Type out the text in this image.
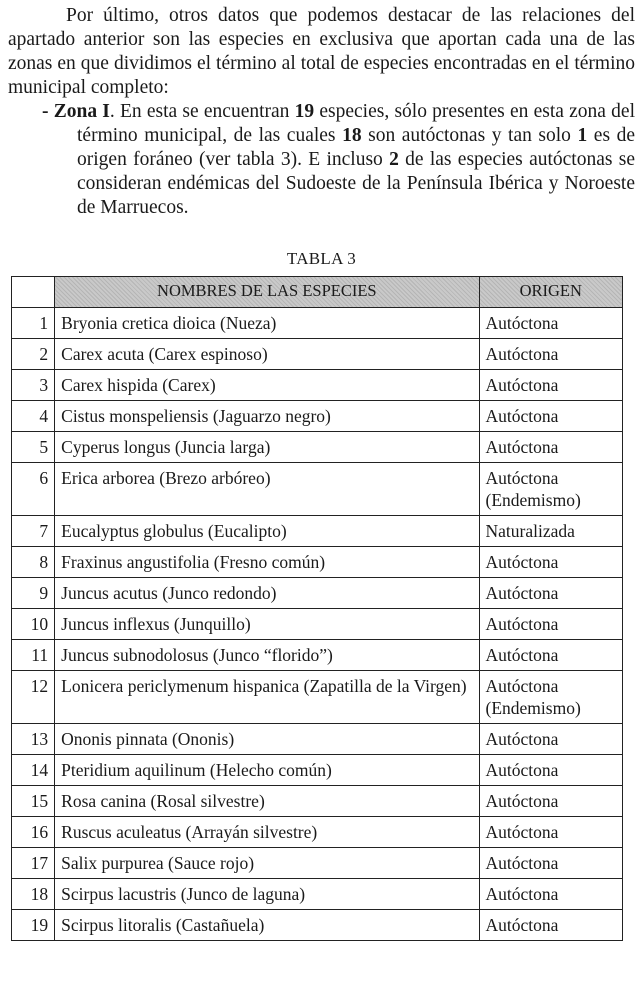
Por último, otros datos que podemos destacar de las relaciones del apartado anterior son las especies en exclusiva que aportan cada una de las zonas en que dividimos el término al total de especies encontradas en el término municipal completo:

- Zona I. En esta se encuentran 19 especies, sólo presentes en esta zona del término municipal, de las cuales 18 son autóctonas y tan solo 1 es de origen foráneo (ver tabla 3). E incluso 2 de las especies autóctonas se consideran endémicas del Sudoeste de la Península Ibérica y Noroeste de Marruecos.

TABLA 3
	NOMBRES DE LAS ESPECIES	ORIGEN
1	Bryonia cretica dioica (Nueza)	Autóctona

2	Carex acuta (Carex espinoso)	Autóctona

3	Carex hispida (Carex)	Autóctona

4	Cistus monspeliensis (Jaguarzo negro)	Autóctona

5	Cyperus longus (Juncia larga)	Autóctona

6	Erica arborea (Brezo arbóreo)	Autóctona
(Endemismo)

7	Eucalyptus globulus (Eucalipto)	Naturalizada

8	Fraxinus angustifolia (Fresno común)	Autóctona

9	Juncus acutus (Junco redondo)	Autóctona

10	Juncus inflexus (Junquillo)	Autóctona

11	Juncus subnodolosus (Junco “florido”)	Autóctona

12	Lonicera periclymenum hispanica (Zapatilla de la Virgen)	Autóctona
(Endemismo)

13	Ononis pinnata (Ononis)	Autóctona

14	Pteridium aquilinum (Helecho común)	Autóctona

15	Rosa canina (Rosal silvestre)	Autóctona

16	Ruscus aculeatus (Arrayán silvestre)	Autóctona

17	Salix purpurea (Sauce rojo)	Autóctona

18	Scirpus lacustris (Junco de laguna)	Autóctona

19	Scirpus litoralis (Castañuela)	Autóctona
